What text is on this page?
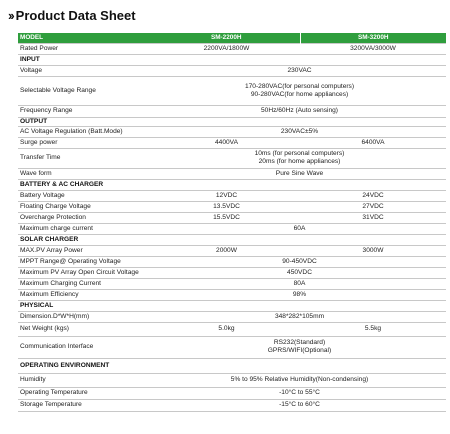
›› Product Data Sheet
MODEL	SM-2200H	SM-3200H
Rated Power	2200VA/1800W	3200VA/3000W
INPUT		
Voltage	230VAC	
Selectable Voltage Range	170-280VAC(for personal computers)
90-280VAC(for home appliances)	

Frequency Range	50Hz/60Hz (Auto sensing)	
OUTPUT		
AC Voltage Regulation (Batt.Mode)	230VAC±5%	
Surge power	4400VA	6400VA
Transfer Time	10ms (for personal computers)
20ms (for home appliances)	

Wave form	Pure Sine Wave	
BATTERY & AC CHARGER		
Battery Voltage	12VDC	24VDC
Floating Charge Voltage	13.5VDC	27VDC
Overcharge Protection	15.5VDC	31VDC
Maximum charge current	60A	
SOLAR CHARGER		
MAX.PV Array Power	2000W	3000W
MPPT Range@ Operating Voltage	90-450VDC	
Maximum PV Array Open Circuit Voltage	450VDC	
Maximum Charging Current	80A	
Maximum Efficiency	98%	
PHYSICAL		
Dimension.D*W*H(mm)	348*282*105mm	
Net Weight (kgs)	5.0kg	5.5kg
Communication Interface	RS232(Standard)
GPRS/WIFI(Optional)	

OPERATING ENVIRONMENT		
Humidity	5% to 95% Relative Humidity(Non-condensing)	
Operating Temperature	-10°C to 55°C	
Storage Temperature	-15°C to 60°C	
